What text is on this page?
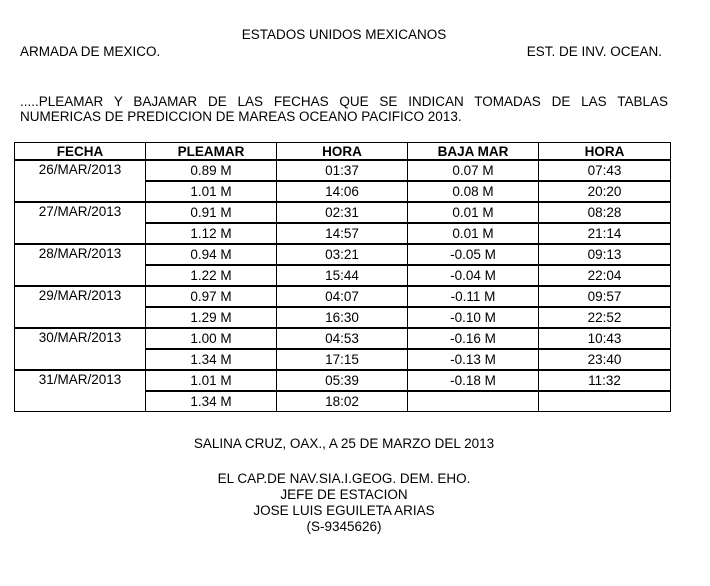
ESTADOS UNIDOS MEXICANOS
ARMADA DE MEXICO.	EST. DE INV. OCEAN.
.....PLEAMAR Y BAJAMAR DE LAS FECHAS QUE SE INDICAN TOMADAS DE LAS TABLAS
NUMERICAS DE PREDICCION DE MAREAS OCEANO PACIFICO 2013.
FECHA	PLEAMAR	HORA	BAJA MAR	HORA
26/MAR/2013	0.89 M	01:37	0.07 M	07:43
	1.01 M	14:06	0.08 M	20:20
27/MAR/2013	0.91 M	02:31	0.01 M	08:28
	1.12 M	14:57	0.01 M	21:14
28/MAR/2013	0.94 M	03:21	-0.05 M	09:13
	1.22 M	15:44	-0.04 M	22:04
29/MAR/2013	0.97 M	04:07	-0.11 M	09:57
	1.29 M	16:30	-0.10 M	22:52
30/MAR/2013	1.00 M	04:53	-0.16 M	10:43
	1.34 M	17:15	-0.13 M	23:40
31/MAR/2013	1.01 M	05:39	-0.18 M	11:32
	1.34 M	18:02		
SALINA CRUZ, OAX., A 25 DE MARZO DEL 2013
EL CAP.DE NAV.SIA.I.GEOG. DEM. EHO.
JEFE DE ESTACION
JOSE LUIS EGUILETA ARIAS
(S-9345626)
